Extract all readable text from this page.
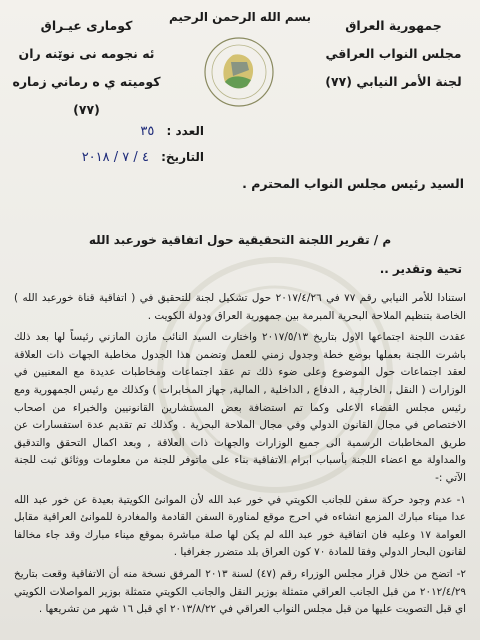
جمهورية العراق
مجلس النواب العراقي
لجنة الأمر النيابي (٧٧)
بسم الله الرحمن الرحيم
كومارى عيـراق
ئه نجومه نى نوێنه ران
كوميته ي ه رماني زماره (٧٧)
العدد : ٣٥
التاريخ: ٤ / ٧ / ٢٠١٨
السيد رئيس مجلس النواب المحترم .
م / تقرير اللجنة التحقيقية حول اتفاقية خورعبد الله
تحية وتقدير ..

استنادا للأمر النيابي رقم ٧٧ في ٢٠١٧/٤/٢٦ حول تشكيل لجنة للتحقيق في ( اتفاقية قناة خورعبد الله ) الخاصة بتنظيم الملاحة البحرية المبرمة بين جمهورية العراق ودولة الكويت .

عقدت اللجنة اجتماعها الاول بتاريخ ٢٠١٧/٥/١٣ واختارت السيد النائب مازن المازني رئيساً لها بعد ذلك باشرت اللجنة بعملها بوضع خطة وجدول زمني للعمل وتضمن هذا الجدول مخاطبة الجهات ذات العلاقة لعقد اجتماعات حول الموضوع وعلى ضوء ذلك تم عقد اجتماعات ومخاطبات عديدة مع المعنيين في الوزارات ( النقل , الخارجية , الدفاع , الداخلية , المالية, جهاز المخابرات ) وكذلك مع رئيس الجمهورية ومع رئيس مجلس القضاء الاعلى وكما تم استضافة بعض المستشارين القانونيين والخبراء من اصحاب الاختصاص في مجال القانون الدولي وفي مجال الملاحة البحرية . وكذلك تم تقديم عدة استفسارات عن طريق المخاطبات الرسمية الى جميع الوزارات والجهات ذات العلاقة , وبعد اكمال التحقق والتدقيق والمداولة مع اعضاء اللجنة بأسباب ابرام الاتفاقية بناء على ماتوفر للجنة من معلومات ووثائق ثبت للجنة الآتي :-

١- عدم وجود حركة سفن للجانب الكويتي في خور عبد الله لأن الموانئ الكويتية بعيدة عن خور عبد الله عدا ميناء مبارك المزمع انشاءه في احرج موقع لمناورة السفن القادمة والمغادرة للموانئ العراقية مقابل العوامة ١٧ وعليه فان اتفاقية خور عبد الله لم يكن لها صلة مباشرة بموقع ميناء مبارك وقد جاء مخالفا لقانون البحار الدولي وفقا للمادة ٧٠ كون العراق بلد متضرر جغرافيا .

٢- اتضح من خلال قرار مجلس الوزراء رقم (٤٧) لسنة ٢٠١٣ المرفق نسخة منه أن الاتفاقية وقعت بتاريخ ٢٠١٢/٤/٢٩ من قبل الجانب العراقي متمثلة بوزير النقل والجانب الكويتي متمثلة بوزير المواصلات الكويتي اي قبل التصويت عليها من قبل مجلس النواب العراقي في ٢٠١٣/٨/٢٢ اي قبل ١٦ شهر من تشريعها .
